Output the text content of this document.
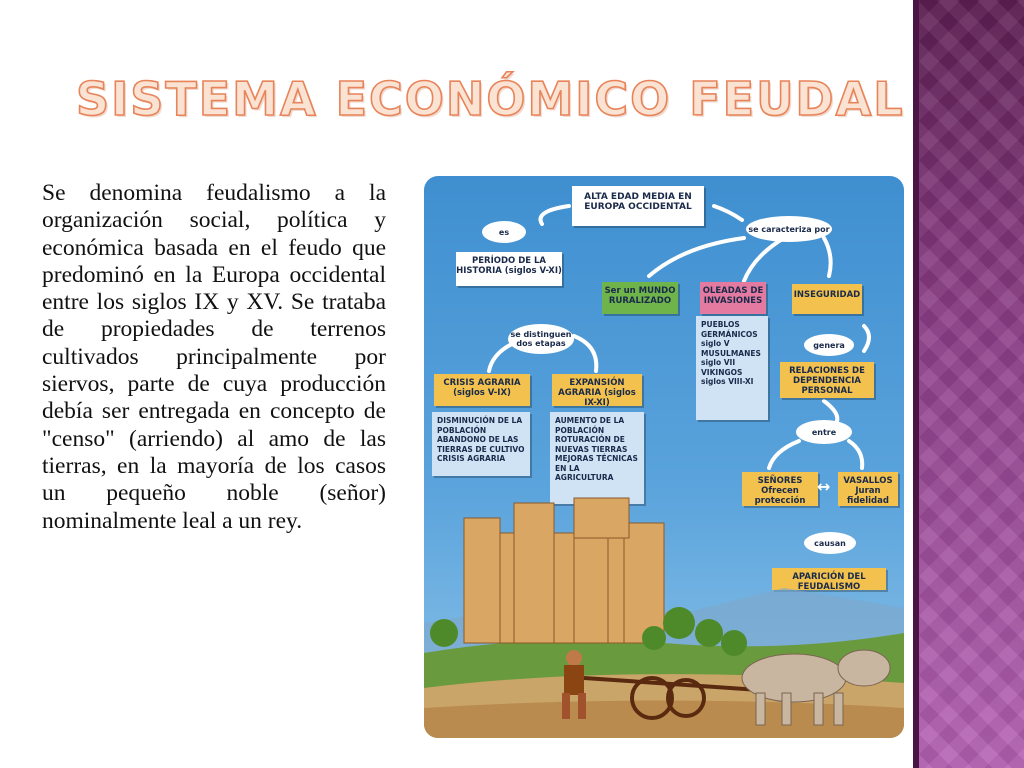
SISTEMA ECONÓMICO FEUDAL
Se denomina feudalismo a la organización social, política y económica basada en el feudo que predominó en la Europa occidental entre los siglos IX y XV. Se trataba de propiedades de terrenos cultivados principalmente por siervos, parte de cuya producción debía ser entregada en concepto de "censo" (arriendo) al amo de las tierras, en la mayoría de los casos un pequeño noble (señor) nominalmente leal a un rey.
ALTA EDAD MEDIA EN EUROPA OCCIDENTAL
es	se caracteriza por
PERÍODO DE LA HISTORIA (siglos V-XI)
Ser un MUNDO RURALIZADO
OLEADAS DE INVASIONES
INSEGURIDAD
se distinguen dos etapas	genera
CRISIS AGRARIA (siglos V-IX)
EXPANSIÓN AGRARIA (siglos IX-XI)
RELACIONES DE DEPENDENCIA PERSONAL
DISMINUCIÓN DE LA POBLACIÓN
ABANDONO DE LAS TIERRAS DE CULTIVO
CRISIS AGRARIA
AUMENTO DE LA POBLACIÓN
ROTURACIÓN DE NUEVAS TIERRAS
MEJORAS TÉCNICAS EN LA AGRICULTURA
PUEBLOS GERMÁNICOS siglo V
MUSULMANES siglo VII
VIKINGOS siglos VIII-XI
entre
SEÑORES Ofrecen protección
VASALLOS Juran fidelidad
↔
causan
APARICIÓN DEL FEUDALISMO
